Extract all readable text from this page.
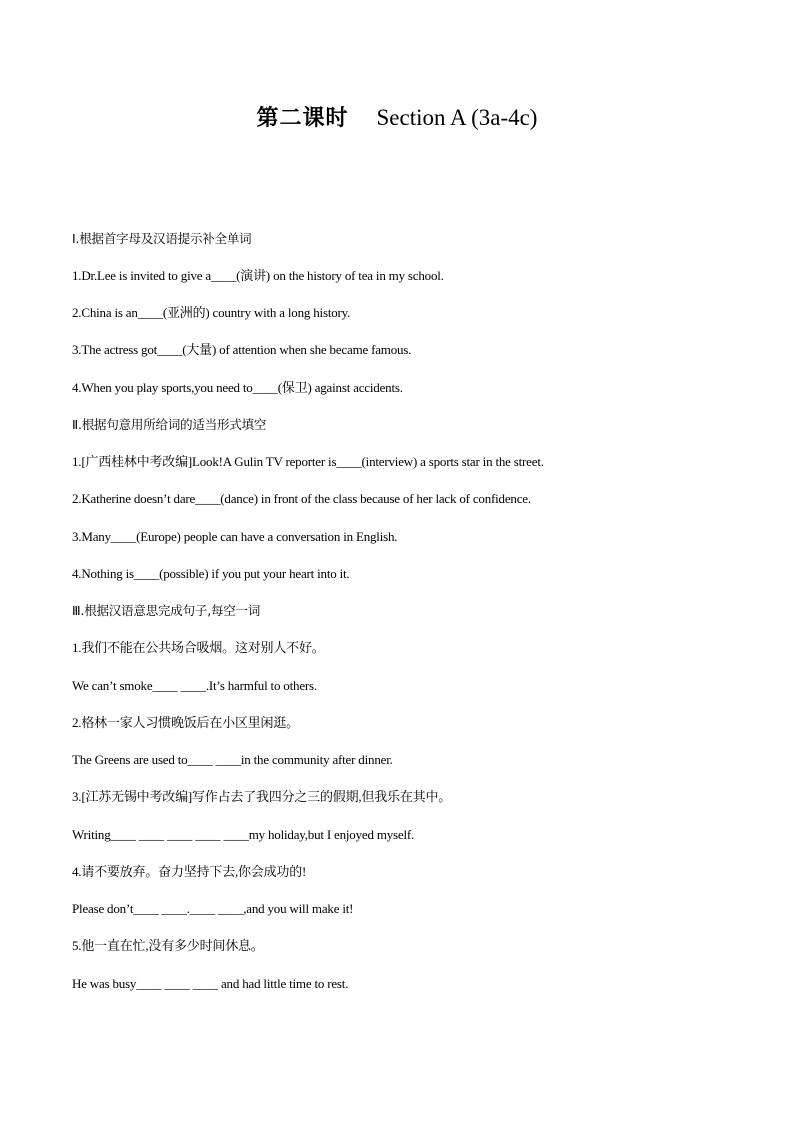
第二课时 Section A (3a-4c)
Ⅰ.根据首字母及汉语提示补全单词
1.Dr.Lee is invited to give a____(演讲) on the history of tea in my school.
2.China is an____(亚洲的) country with a long history.
3.The actress got____(大量) of attention when she became famous.
4.When you play sports,you need to____(保卫) against accidents.
Ⅱ.根据句意用所给词的适当形式填空
1.[广西桂林中考改编]Look!A Gulin TV reporter is____(interview) a sports star in the street.
2.Katherine doesn’t dare____(dance) in front of the class because of her lack of confidence.
3.Many____(Europe) people can have a conversation in English.
4.Nothing is____(possible) if you put your heart into it.
Ⅲ.根据汉语意思完成句子,每空一词
1.我们不能在公共场合吸烟。这对别人不好。
We can’t smoke____ ____.It’s harmful to others.
2.格林一家人习惯晚饭后在小区里闲逛。
The Greens are used to____ ____in the community after dinner.
3.[江苏无锡中考改编]写作占去了我四分之三的假期,但我乐在其中。
Writing____ ____ ____ ____ ____my holiday,but I enjoyed myself.
4.请不要放弃。奋力坚持下去,你会成功的!
Please don’t____ ____.____ ____,and you will make it!
5.他一直在忙,没有多少时间休息。
He was busy____ ____ ____ and had little time to rest.
